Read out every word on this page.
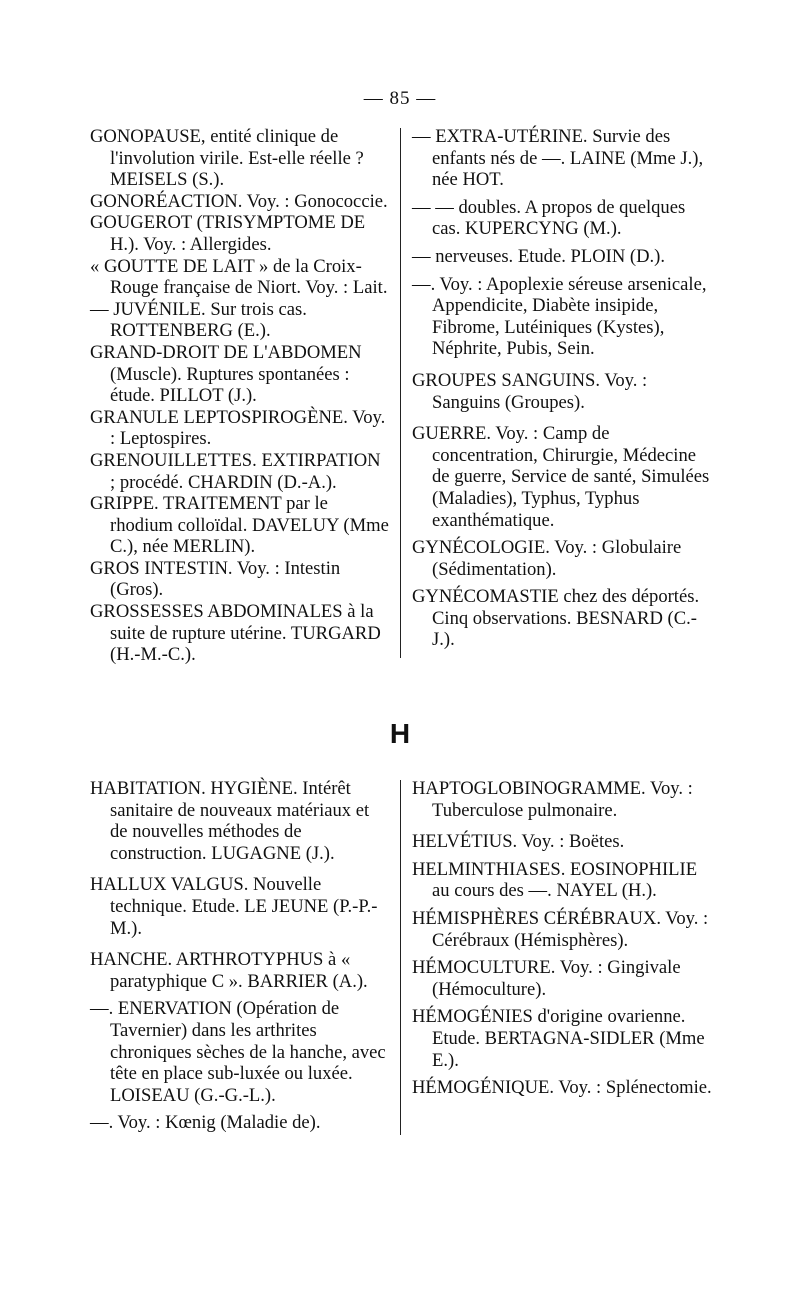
— 85 —

GONOPAUSE, entité clinique de l'involution virile. Est-elle réelle ? MEISELS (S.).

GONORÉACTION. Voy. : Gonococcie.

GOUGEROT (TRISYMPTOME DE H.). Voy. : Allergides.

« GOUTTE DE LAIT » de la Croix-Rouge française de Niort. Voy. : Lait.

— JUVÉNILE. Sur trois cas. ROTTENBERG (E.).

GRAND-DROIT DE L'ABDOMEN (Muscle). Ruptures spontanées : étude. PILLOT (J.).

GRANULE LEPTOSPIROGÈNE. Voy. : Leptospires.

GRENOUILLETTES. EXTIRPATION ; procédé. CHARDIN (D.-A.).

GRIPPE. TRAITEMENT par le rhodium colloïdal. DAVELUY (Mme C.), née MERLIN).

GROS INTESTIN. Voy. : Intestin (Gros).

GROSSESSES ABDOMINALES à la suite de rupture utérine. TURGARD (H.-M.-C.).

— EXTRA-UTÉRINE. Survie des enfants nés de —. LAINE (Mme J.), née HOT.

— — doubles. A propos de quelques cas. KUPERCYNG (M.).

— nerveuses. Etude. PLOIN (D.).

—. Voy. : Apoplexie séreuse arsenicale, Appendicite, Diabète insipide, Fibrome, Lutéiniques (Kystes), Néphrite, Pubis, Sein.

GROUPES SANGUINS. Voy. : Sanguins (Groupes).

GUERRE. Voy. : Camp de concentration, Chirurgie, Médecine de guerre, Service de santé, Simulées (Maladies), Typhus, Typhus exanthématique.

GYNÉCOLOGIE. Voy. : Globulaire (Sédimentation).

GYNÉCOMASTIE chez des déportés. Cinq observations. BESNARD (C.-J.).

H

HABITATION. HYGIÈNE. Intérêt sanitaire de nouveaux matériaux et de nouvelles méthodes de construction. LUGAGNE (J.).

HALLUX VALGUS. Nouvelle technique. Etude. LE JEUNE (P.-P.-M.).

HANCHE. ARTHROTYPHUS à « paratyphique C ». BARRIER (A.).

—. ENERVATION (Opération de Tavernier) dans les arthrites chroniques sèches de la hanche, avec tête en place sub-luxée ou luxée. LOISEAU (G.-G.-L.).

—. Voy. : Kœnig (Maladie de).

HAPTOGLOBINOGRAMME. Voy. : Tuberculose pulmonaire.

HELVÉTIUS. Voy. : Boëtes.

HELMINTHIASES. EOSINOPHILIE au cours des —. NAYEL (H.).

HÉMISPHÈRES CÉRÉBRAUX. Voy. : Cérébraux (Hémisphères).

HÉMOCULTURE. Voy. : Gingivale (Hémoculture).

HÉMOGÉNIES d'origine ovarienne. Etude. BERTAGNA-SIDLER (Mme E.).

HÉMOGÉNIQUE. Voy. : Splénectomie.
